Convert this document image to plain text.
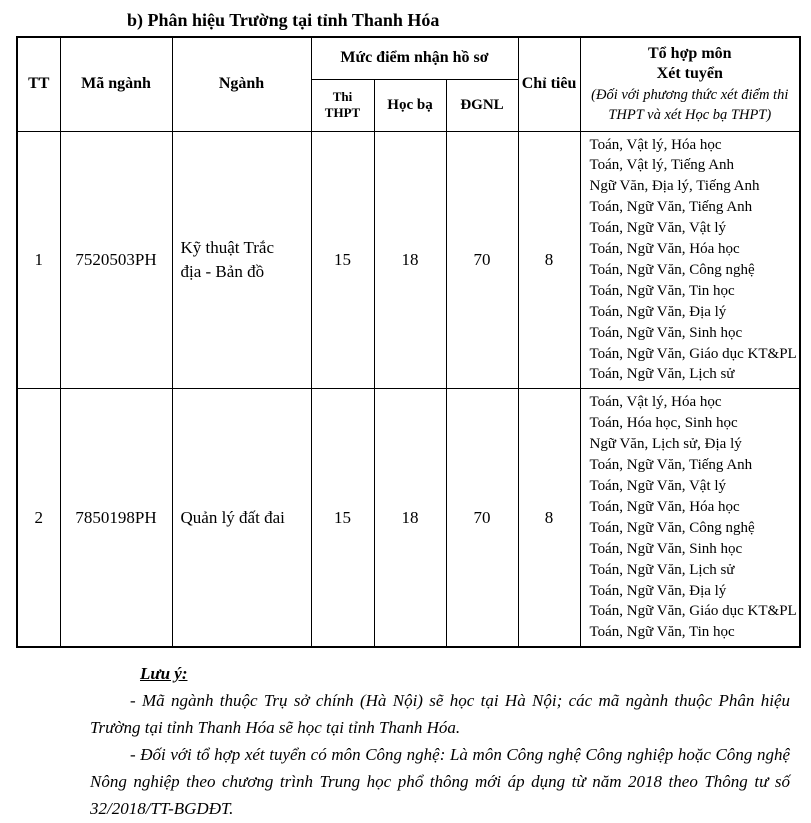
b) Phân hiệu Trường tại tỉnh Thanh Hóa
TT	Mã ngành	Ngành	Mức điểm nhận hồ sơ			Chỉ tiêu	Tổ hợp môn
Xét tuyển
(Đối với phương thức xét điểm thi THPT và xét Học bạ THPT)

			Thi THPT	Học bạ	ĐGNL		
1	7520503PH	Kỹ thuật Trắc địa - Bản đồ	15	18	70	8	
Toán, Vật lý, Hóa học
Toán, Vật lý, Tiếng Anh
Ngữ Văn, Địa lý, Tiếng Anh
Toán, Ngữ Văn, Tiếng Anh
Toán, Ngữ Văn, Vật lý
Toán, Ngữ Văn, Hóa học
Toán, Ngữ Văn, Công nghệ
Toán, Ngữ Văn, Tin học
Toán, Ngữ Văn, Địa lý
Toán, Ngữ Văn, Sinh học
Toán, Ngữ Văn, Giáo dục KT&PL
Toán, Ngữ Văn, Lịch sử

2	7850198PH	Quản lý đất đai	15	18	70	8	
Toán, Vật lý, Hóa học
Toán, Hóa học, Sinh học
Ngữ Văn, Lịch sử, Địa lý
Toán, Ngữ Văn, Tiếng Anh
Toán, Ngữ Văn, Vật lý
Toán, Ngữ Văn, Hóa học
Toán, Ngữ Văn, Công nghệ
Toán, Ngữ Văn, Sinh học
Toán, Ngữ Văn, Lịch sử
Toán, Ngữ Văn, Địa lý
Toán, Ngữ Văn, Giáo dục KT&PL
Toán, Ngữ Văn, Tin học
Lưu ý:

- Mã ngành thuộc Trụ sở chính (Hà Nội) sẽ học tại Hà Nội; các mã ngành thuộc Phân hiệu Trường tại tỉnh Thanh Hóa sẽ học tại tỉnh Thanh Hóa.

- Đối với tổ hợp xét tuyển có môn Công nghệ: Là môn Công nghệ Công nghiệp hoặc Công nghệ Nông nghiệp theo chương trình Trung học phổ thông mới áp dụng từ năm 2018 theo Thông tư số 32/2018/TT-BGDĐT.
